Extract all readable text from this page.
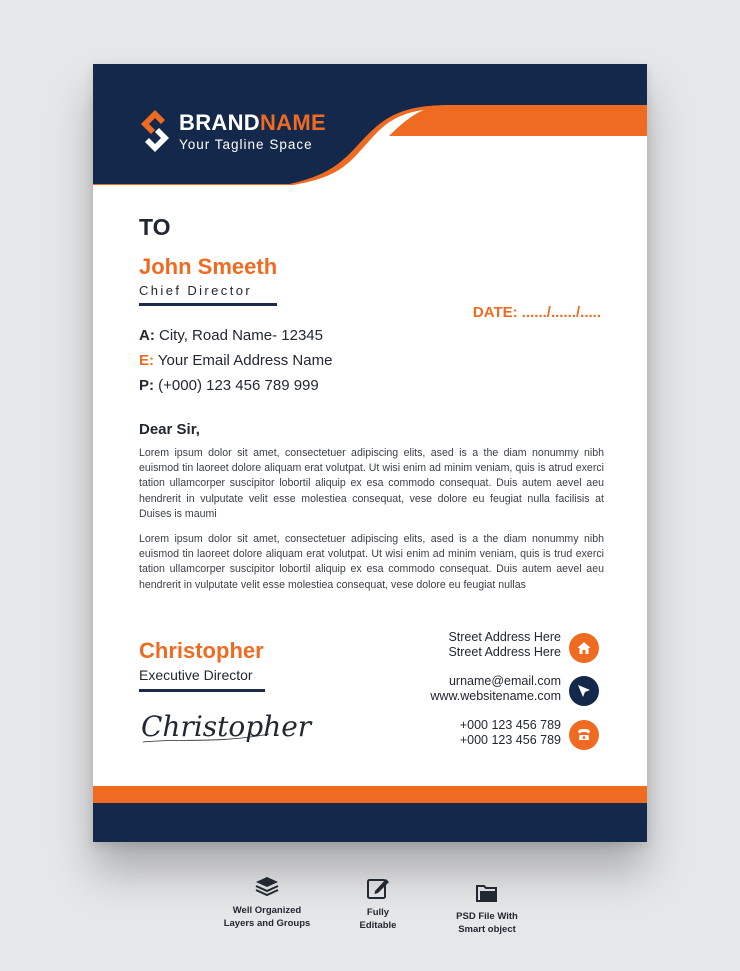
BRANDNAME
Your Tagline Space
TO
John Smeeth
Chief Director
DATE: ....../....../.....
A: City, Road Name- 12345
E: Your Email Address Name
P: (+000) 123 456 789 999
Dear Sir,
Lorem ipsum dolor sit amet, consectetuer adipiscing elits, ased is a the diam nonummy nibh euismod tin laoreet dolore aliquam erat volutpat. Ut wisi enim ad minim veniam, quis is atrud exerci tation ullamcorper suscipitor lobortil aliquip ex esa commodo consequat. Duis autem aevel aeu hendrerit in vulputate velit esse molestiea consequat, vese dolore eu feugiat nulla facilisis at Duises is maumi
Lorem ipsum dolor sit amet, consectetuer adipiscing elits, ased is a the diam nonummy nibh euismod tin laoreet dolore aliquam erat volutpat. Ut wisi enim ad minim veniam, quis is trud exerci tation ullamcorper suscipitor lobortil aliquip ex esa commodo consequat. Duis autem aevel aeu hendrerit in vulputate velit esse molestiea consequat, vese dolore eu feugiat nullas
Christopher
Executive Director
Christopher
Street Address Here
Street Address Here
urname@email.com
www.websitename.com
+000 123 456 789
+000 123 456 789
Well Organized
Layers and Groups
Fully
Editable
PSD File With
Smart object
